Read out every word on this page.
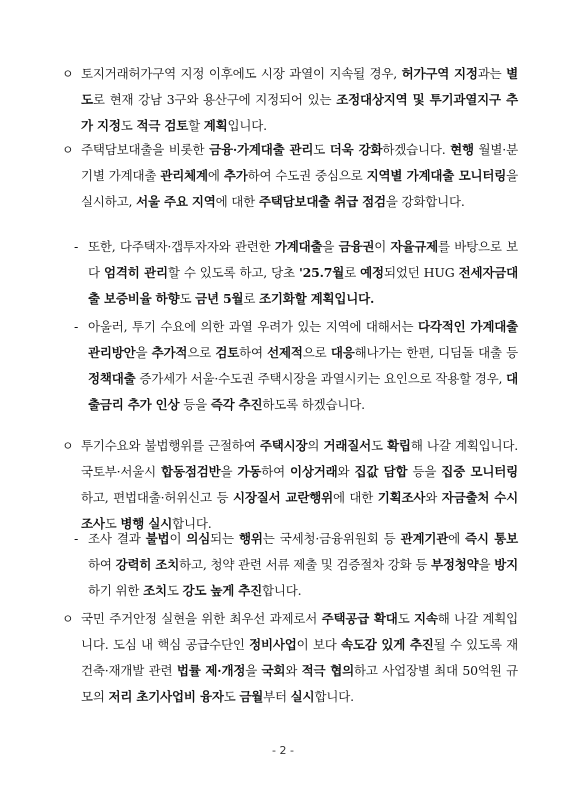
ㅇ 토지거래허가구역 지정 이후에도 시장 과열이 지속될 경우, 허가구역 지정과는 별도로 현재 강남 3구와 용산구에 지정되어 있는 조정대상지역 및 투기과열지구 추가 지정도 적극 검토할 계획입니다.
ㅇ 주택담보대출을 비롯한 금융·가계대출 관리도 더욱 강화하겠습니다. 현행 월별·분기별 가계대출 관리체계에 추가하여 수도권 중심으로 지역별 가계대출 모니터링을 실시하고, 서울 주요 지역에 대한 주택담보대출 취급 점검을 강화합니다.
- 또한, 다주택자·갭투자자와 관련한 가계대출을 금융권이 자율규제를 바탕으로 보다 엄격히 관리할 수 있도록 하고, 당초 '25.7월로 예정되었던 HUG 전세자금대출 보증비율 하향도 금년 5월로 조기화할 계획입니다.
- 아울러, 투기 수요에 의한 과열 우려가 있는 지역에 대해서는 다각적인 가계대출 관리방안을 추가적으로 검토하여 선제적으로 대응해나가는 한편, 디딤돌 대출 등 정책대출 증가세가 서울·수도권 주택시장을 과열시키는 요인으로 작용할 경우, 대출금리 추가 인상 등을 즉각 추진하도록 하겠습니다.
ㅇ 투기수요와 불법행위를 근절하여 주택시장의 거래질서도 확립해 나갈 계획입니다. 국토부·서울시 합동점검반을 가동하여 이상거래와 집값 담합 등을 집중 모니터링 하고, 편법대출·허위신고 등 시장질서 교란행위에 대한 기획조사와 자금출처 수시 조사도 병행 실시합니다.
- 조사 결과 불법이 의심되는 행위는 국세청·금융위원회 등 관계기관에 즉시 통보하여 강력히 조치하고, 청약 관련 서류 제출 및 검증절차 강화 등 부정청약을 방지하기 위한 조치도 강도 높게 추진합니다.
ㅇ 국민 주거안정 실현을 위한 최우선 과제로서 주택공급 확대도 지속해 나갈 계획입니다. 도심 내 핵심 공급수단인 정비사업이 보다 속도감 있게 추진될 수 있도록 재건축·재개발 관련 법률 제·개정을 국회와 적극 협의하고 사업장별 최대 50억원 규모의 저리 초기사업비 융자도 금월부터 실시합니다.
- 2 -
